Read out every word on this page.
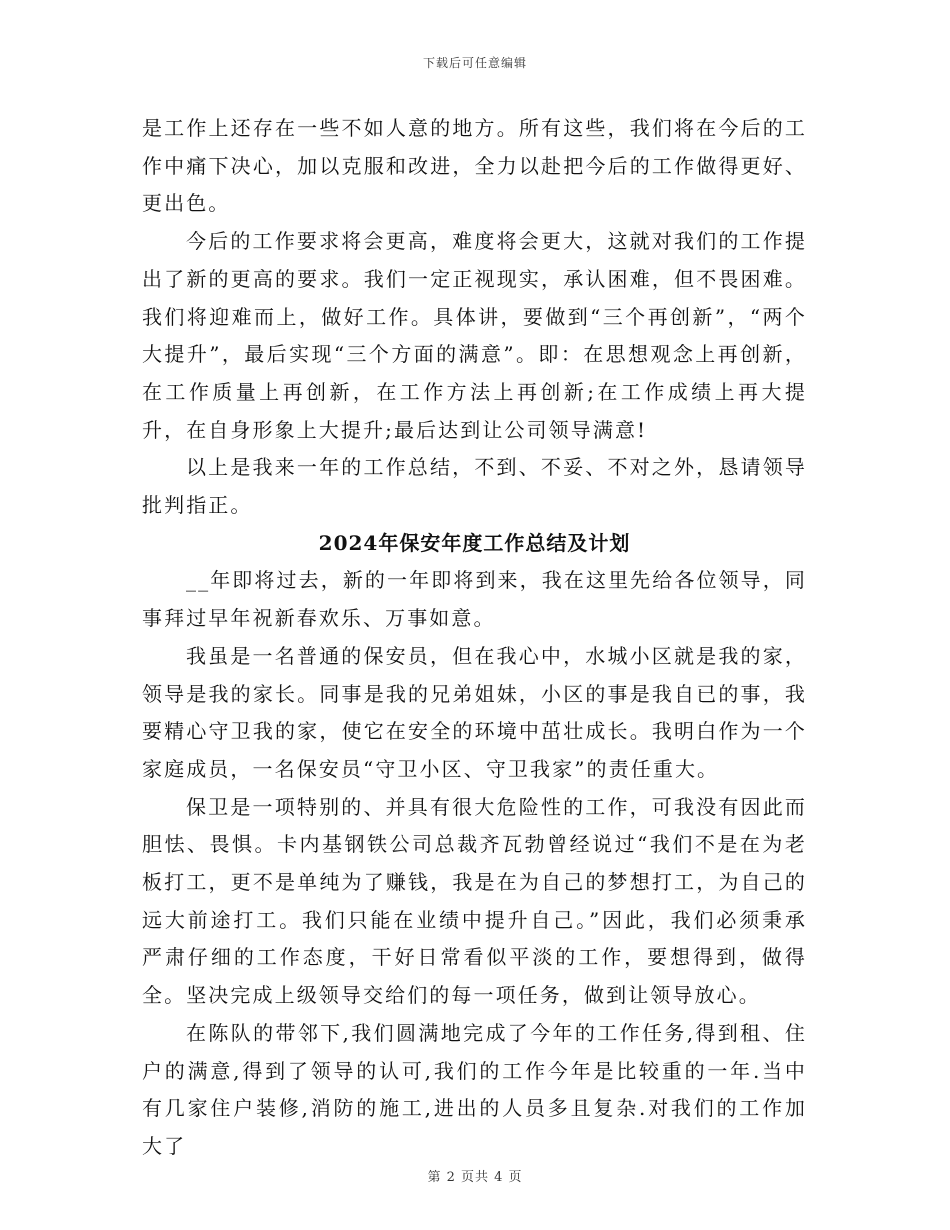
下载后可任意编辑

是工作上还存在一些不如人意的地方。所有这些，我们将在今后的工作中痛下决心，加以克服和改进，全力以赴把今后的工作做得更好、更出色。

今后的工作要求将会更高，难度将会更大，这就对我们的工作提出了新的更高的要求。我们一定正视现实，承认困难，但不畏困难。我们将迎难而上，做好工作。具体讲，要做到“三个再创新”，“两个大提升”，最后实现“三个方面的满意”。即：在思想观念上再创新，在工作质量上再创新，在工作方法上再创新;在工作成绩上再大提升，在自身形象上大提升;最后达到让公司领导满意!

以上是我来一年的工作总结，不到、不妥、不对之外，恳请领导批判指正。

2024年保安年度工作总结及计划

__年即将过去，新的一年即将到来，我在这里先给各位领导，同事拜过早年祝新春欢乐、万事如意。

我虽是一名普通的保安员，但在我心中，水城小区就是我的家，领导是我的家长。同事是我的兄弟姐妹，小区的事是我自已的事，我要精心守卫我的家，使它在安全的环境中茁壮成长。我明白作为一个家庭成员，一名保安员“守卫小区、守卫我家”的责任重大。

保卫是一项特别的、并具有很大危险性的工作，可我没有因此而胆怯、畏惧。卡内基钢铁公司总裁齐瓦勃曾经说过“我们不是在为老板打工，更不是单纯为了赚钱，我是在为自己的梦想打工，为自己的远大前途打工。我们只能在业绩中提升自己。”因此，我们必须秉承严肃仔细的工作态度，干好日常看似平淡的工作，要想得到，做得全。坚决完成上级领导交给们的每一项任务，做到让领导放心。

在陈队的带邻下,我们圆满地完成了今年的工作任务,得到租、住户的满意,得到了领导的认可,我们的工作今年是比较重的一年.当中有几家住户装修,消防的施工,进出的人员多且复杂.对我们的工作加大了

第 2 页共 4 页
